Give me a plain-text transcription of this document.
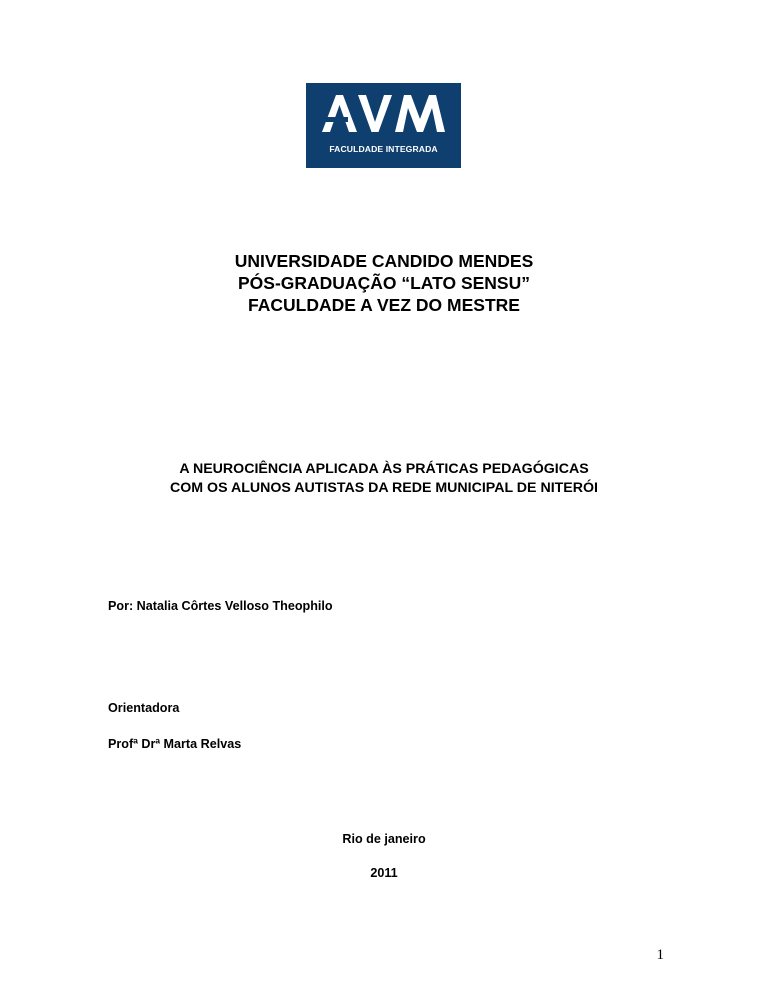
FACULDADE INTEGRADA
UNIVERSIDADE CANDIDO MENDES
PÓS-GRADUAÇÃO “LATO SENSU”
FACULDADE A VEZ DO MESTRE
A NEUROCIÊNCIA APLICADA ÀS PRÁTICAS PEDAGÓGICAS
COM OS ALUNOS AUTISTAS DA REDE MUNICIPAL DE NITERÓI
Por: Natalia Côrtes Velloso Theophilo
Orientadora
Profª Drª Marta Relvas
Rio de janeiro
2011
1
